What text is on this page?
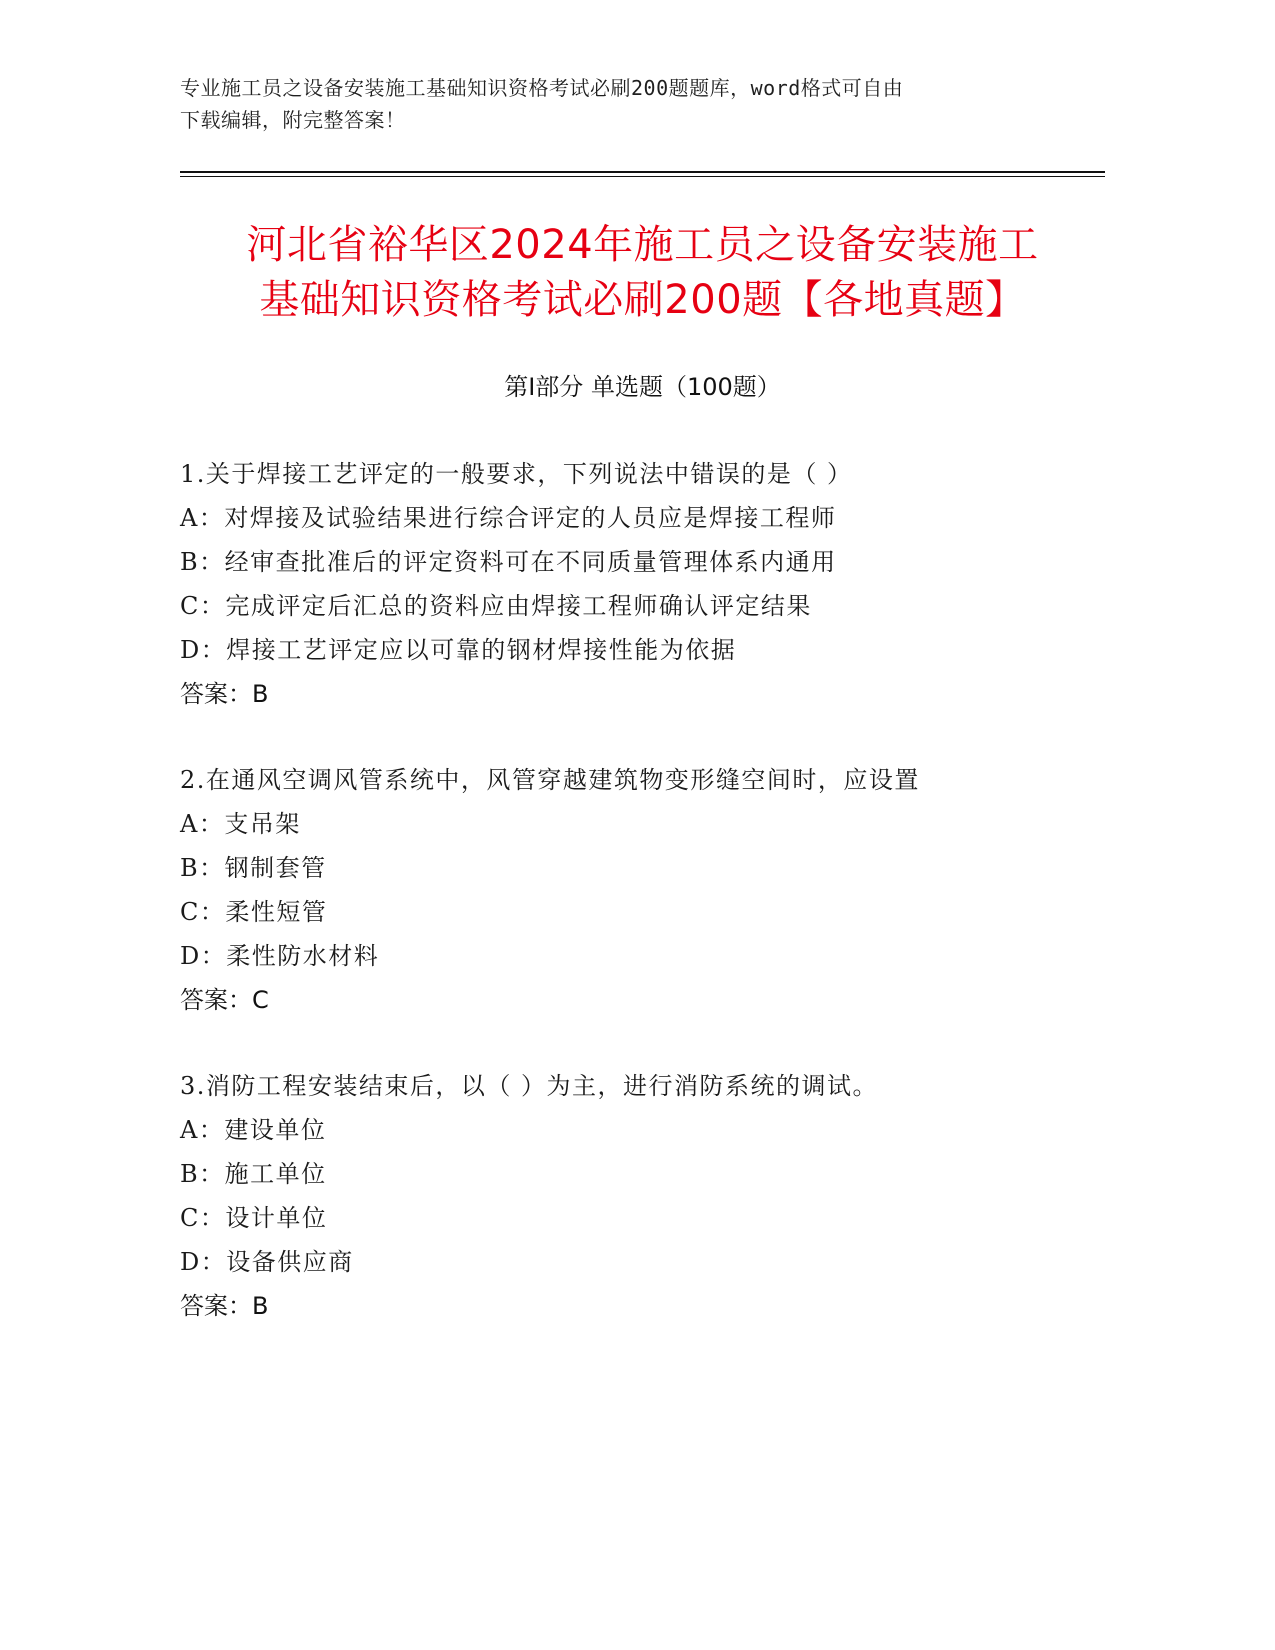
专业施工员之设备安装施工基础知识资格考试必刷200题题库，word格式可自由
下载编辑，附完整答案！
河北省裕华区2024年施工员之设备安装施工
基础知识资格考试必刷200题【各地真题】
第Ⅰ部分 单选题（100题）
1.关于焊接工艺评定的一般要求，下列说法中错误的是（ ）
A：对焊接及试验结果进行综合评定的人员应是焊接工程师
B：经审查批准后的评定资料可在不同质量管理体系内通用
C：完成评定后汇总的资料应由焊接工程师确认评定结果
D：焊接工艺评定应以可靠的钢材焊接性能为依据
答案：B
2.在通风空调风管系统中，风管穿越建筑物变形缝空间时，应设置
A：支吊架
B：钢制套管
C：柔性短管
D：柔性防水材料
答案：C
3.消防工程安装结束后，以（ ）为主，进行消防系统的调试。
A：建设单位
B：施工单位
C：设计单位
D：设备供应商
答案：B
